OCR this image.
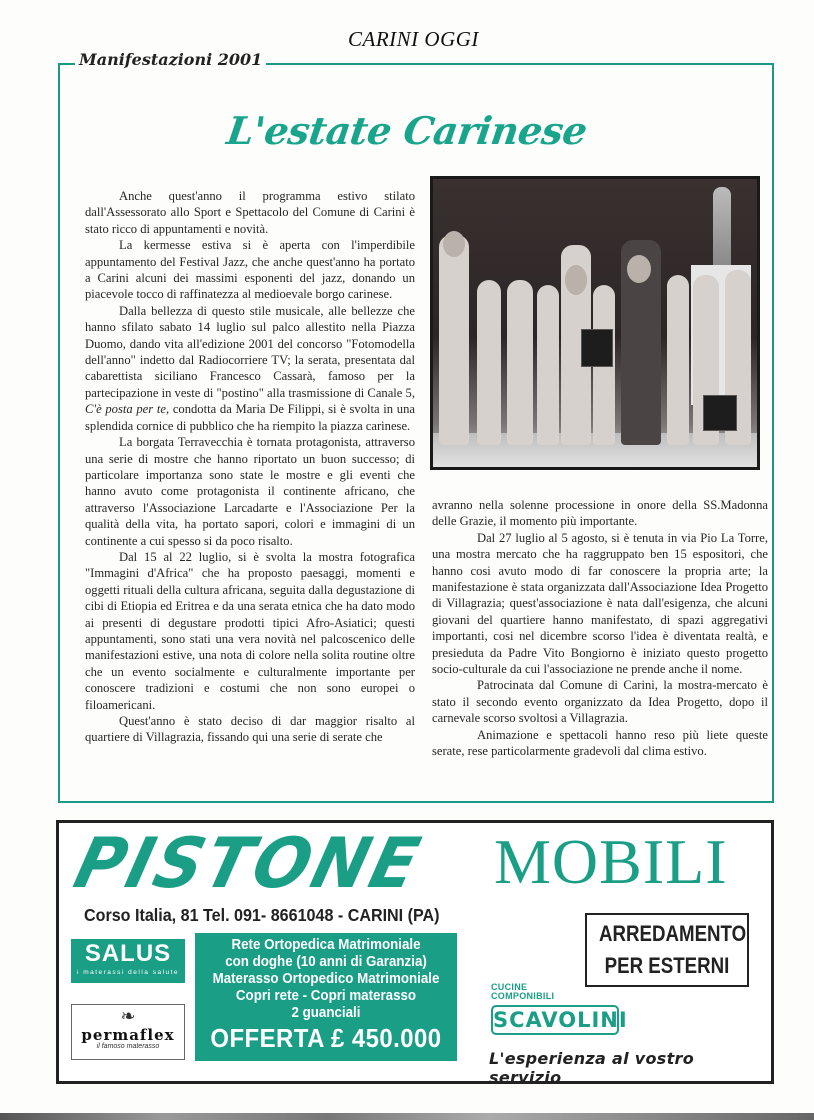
CARINI OGGI
Manifestazioni 2001
L'estate Carinese

Anche quest'anno il programma estivo stilato dall'Assessorato allo Sport e Spettacolo del Comune di Carini è stato ricco di appuntamenti e novità.

La kermesse estiva si è aperta con l'imperdibile appuntamento del Festival Jazz, che anche quest'anno ha portato a Carini alcuni dei massimi esponenti del jazz, donando un piacevole tocco di raffinatezza al medioevale borgo carinese.

Dalla bellezza di questo stile musicale, alle bellezze che hanno sfilato sabato 14 luglio sul palco allestito nella Piazza Duomo, dando vita all'edizione 2001 del concorso "Fotomodella dell'anno" indetto dal Radiocorriere TV; la serata, presentata dal cabarettista siciliano Francesco Cassarà, famoso per la partecipazione in veste di "postino" alla trasmissione di Canale 5, C'è posta per te, condotta da Maria De Filippi, si è svolta in una splendida cornice di pubblico che ha riempito la piazza carinese.

La borgata Terravecchia è tornata protagonista, attraverso una serie di mostre che hanno riportato un buon successo; di particolare importanza sono state le mostre e gli eventi che hanno avuto come protagonista il continente africano, che attraverso l'Associazione Larcadarte e l'Associazione Per la qualità della vita, ha portato sapori, colori e immagini di un continente a cui spesso si da poco risalto.

Dal 15 al 22 luglio, si è svolta la mostra fotografica "Immagini d'Africa" che ha proposto paesaggi, momenti e oggetti rituali della cultura africana, seguita dalla degustazione di cibi di Etiopia ed Eritrea e da una serata etnica che ha dato modo ai presenti di degustare prodotti tipici Afro-Asiatici; questi appuntamenti, sono stati una vera novità nel palcoscenico delle manifestazioni estive, una nota di colore nella solita routine oltre che un evento socialmente e culturalmente importante per conoscere tradizioni e costumi che non sono europei o filoamericani.

Quest'anno è stato deciso di dar maggior risalto al quartiere di Villagrazia, fissando qui una serie di serate che

avranno nella solenne processione in onore della SS.Madonna delle Grazie, il momento più importante.

Dal 27 luglio al 5 agosto, si è tenuta in via Pio La Torre, una mostra mercato che ha raggruppato ben 15 espositori, che hanno cosi avuto modo di far conoscere la propria arte; la manifestazione è stata organizzata dall'Associazione Idea Progetto di Villagrazia; quest'associazione è nata dall'esigenza, che alcuni giovani del quartiere hanno manifestato, di spazi aggregativi importanti, cosi nel dicembre scorso l'idea è diventata realtà, e presieduta da Padre Vito Bongiorno è iniziato questo progetto socio-culturale da cui l'associazione ne prende anche il nome.

Patrocinata dal Comune di Carini, la mostra-mercato è stato il secondo evento organizzato da Idea Progetto, dopo il carnevale scorso svoltosi a Villagrazia.

Animazione e spettacoli hanno reso più liete queste serate, rese particolarmente gradevoli dal clima estivo.

PISTONE MOBILI
Corso Italia, 81 Tel. 091- 8661048 - CARINI (PA)
SALUS
i materassi della salute
❧
permaflex
il famoso materasso
Rete Ortopedica Matrimoniale
con doghe (10 anni di Garanzia)
Materasso Ortopedico Matrimoniale
Copri rete - Copri materasso
2 guanciali
OFFERTA £ 450.000
ARREDAMENTO
PER ESTERNI
CUCINE
COMPONIBILI
SCAVOLINI
L'esperienza al vostro servizio
